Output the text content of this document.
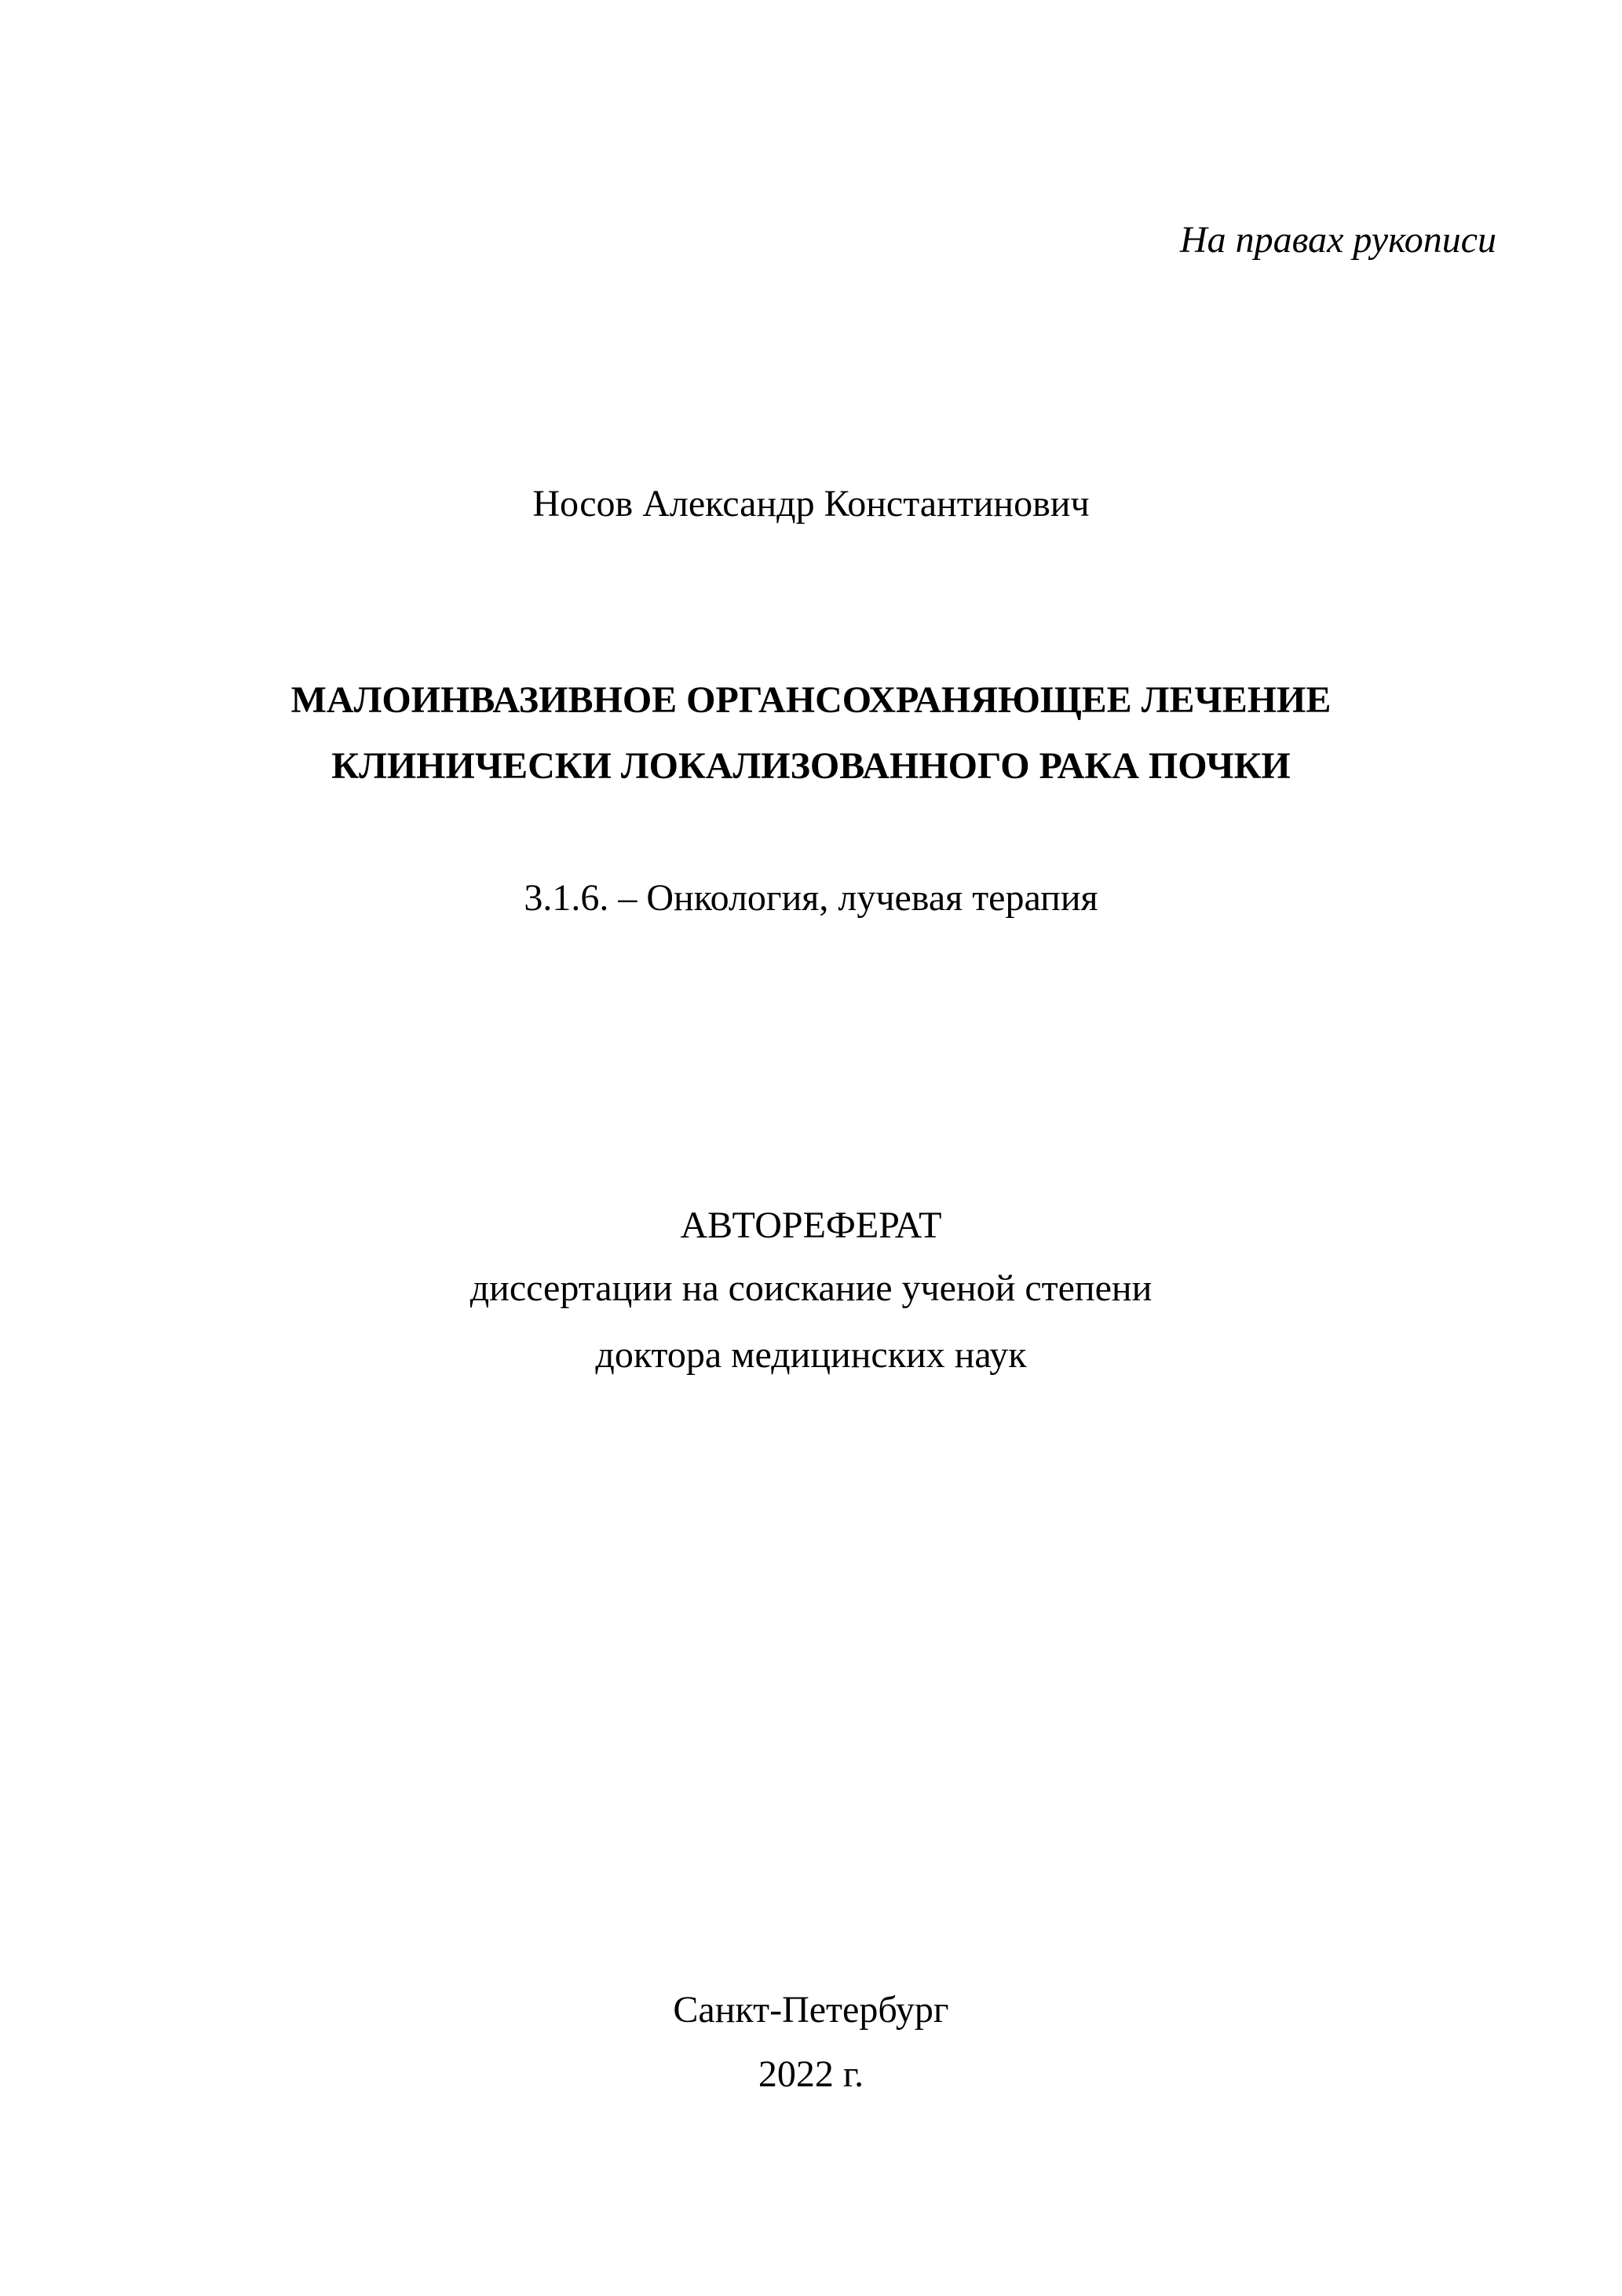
На правах рукописи
Носов Александр Константинович
МАЛОИНВАЗИВНОЕ ОРГАНСОХРАНЯЮЩЕЕ ЛЕЧЕНИЕ
КЛИНИЧЕСКИ ЛОКАЛИЗОВАННОГО РАКА ПОЧКИ
3.1.6. – Онкология, лучевая терапия
АВТОРЕФЕРАТ
диссертации на соискание ученой степени
доктора медицинских наук
Санкт-Петербург
2022 г.
